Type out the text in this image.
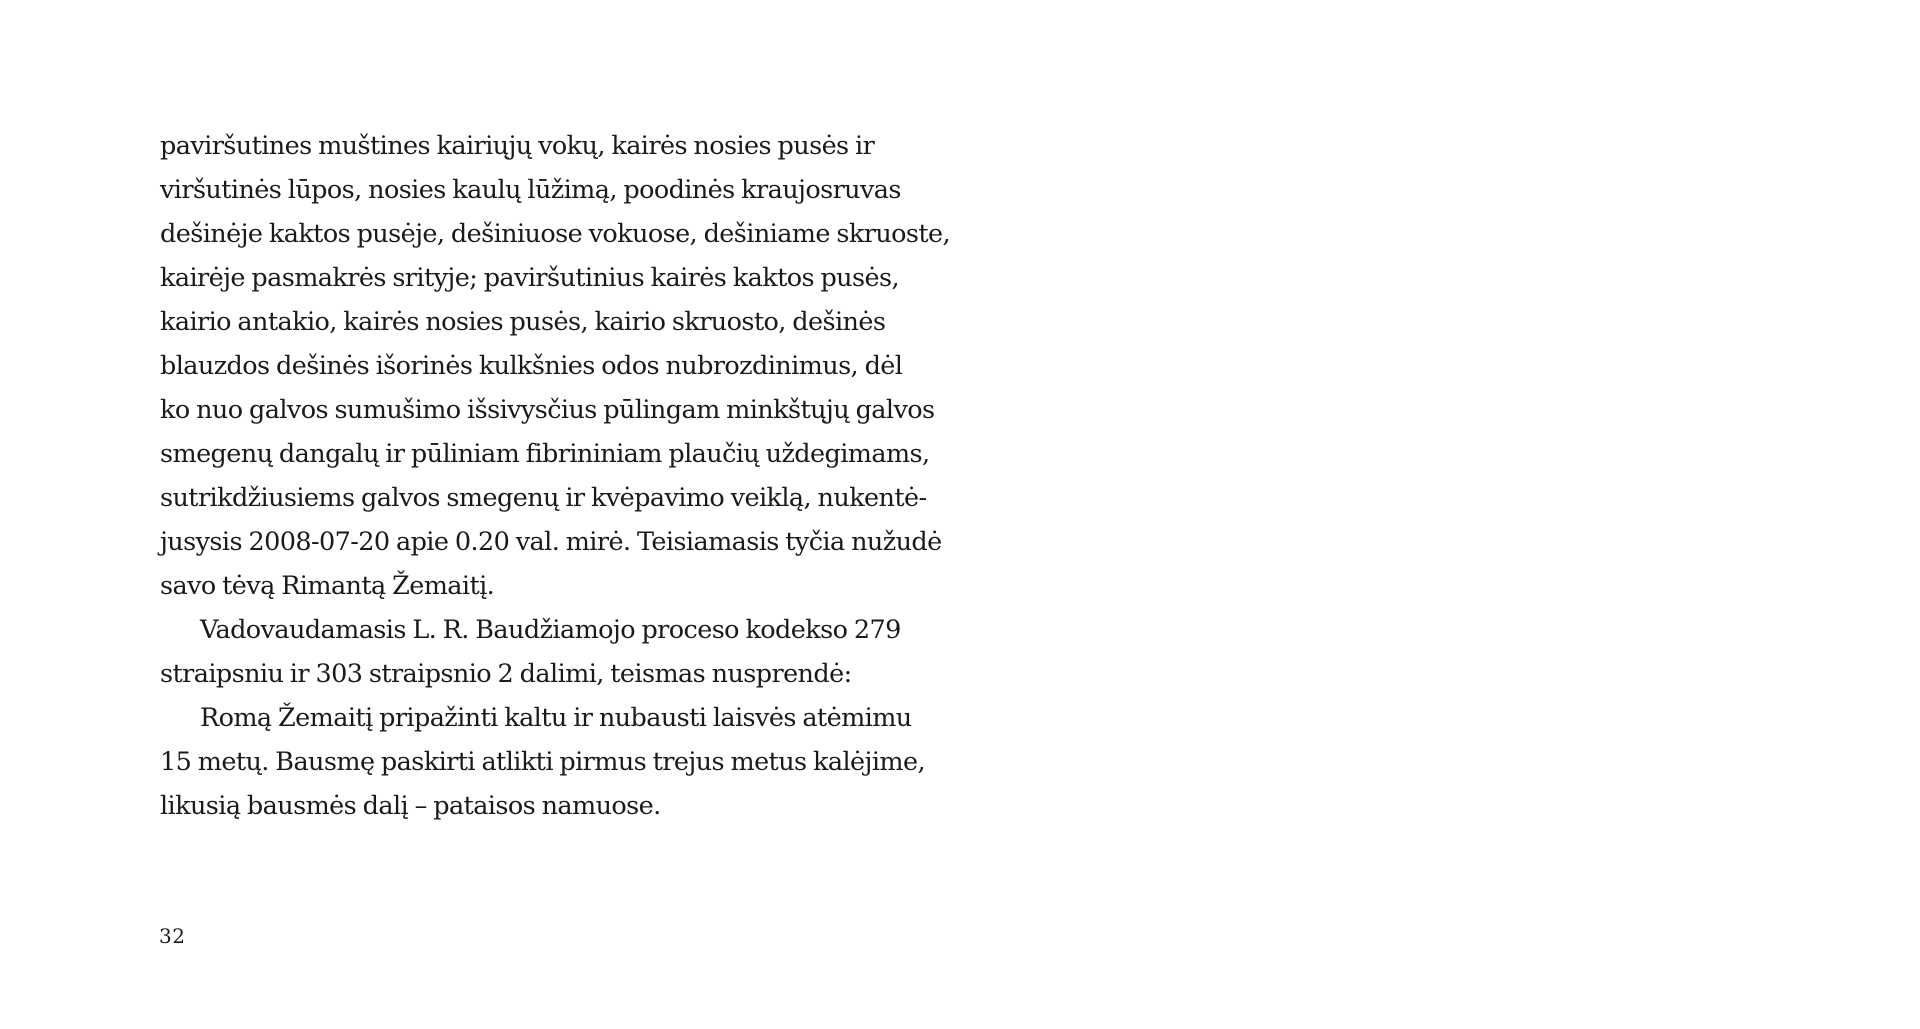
paviršutines muštines kairiųjų vokų, kairės nosies pusės ir
viršutinės lūpos, nosies kaulų lūžimą, poodinės kraujosruvas
dešinėje kaktos pusėje, dešiniuose vokuose, dešiniame skruoste,
kairėje pasmakrės srityje; paviršutinius kairės kaktos pusės,
kairio antakio, kairės nosies pusės, kairio skruosto, dešinės
blauzdos dešinės išorinės kulkšnies odos nubrozdinimus, dėl
ko nuo galvos sumušimo išsivysčius pūlingam minkštųjų galvos
smegenų dangalų ir pūliniam fibrininiam plaučių uždegimams,
sutrikdžiusiems galvos smegenų ir kvėpavimo veiklą, nukentė-
jusysis 2008-07-20 apie 0.20 val. mirė. Teisiamasis tyčia nužudė
savo tėvą Rimantą Žemaitį.
Vadovaudamasis L. R. Baudžiamojo proceso kodekso 279
straipsniu ir 303 straipsnio 2 dalimi, teismas nusprendė:
Romą Žemaitį pripažinti kaltu ir nubausti laisvės atėmimu
15 metų. Bausmę paskirti atlikti pirmus trejus metus kalėjime,
likusią bausmės dalį – pataisos namuose.
32
